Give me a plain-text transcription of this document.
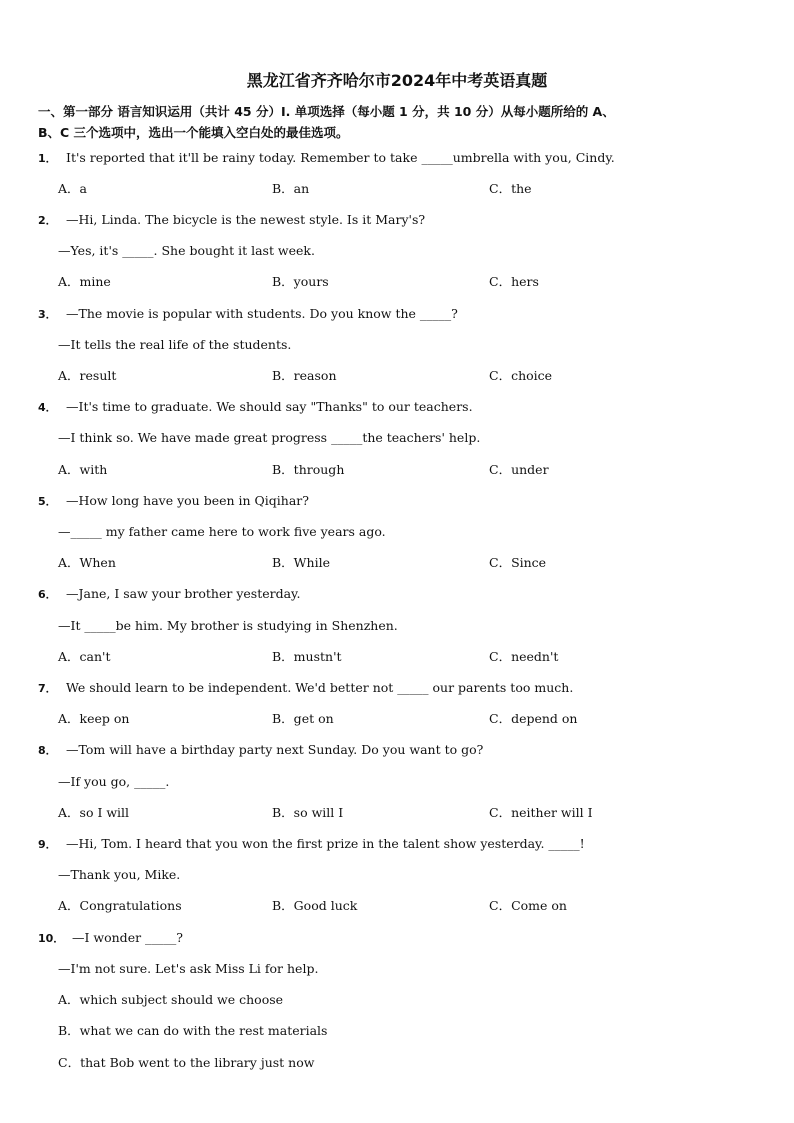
黑龙江省齐齐哈尔市2024年中考英语真题
一、第一部分 语言知识运用（共计 45 分）Ⅰ. 单项选择（每小题 1 分，共 10 分）从每小题所给的 A、
B、C 三个选项中，选出一个能填入空白处的最佳选项。
1． It's reported that it'll be rainy today. Remember to take _____umbrella with you, Cindy.
A．a	B．an	C．the
2． —Hi, Linda. The bicycle is the newest style. Is it Mary's?
—Yes, it's _____. She bought it last week.
A．mine	B．yours	C．hers
3． —The movie is popular with students. Do you know the _____?
—It tells the real life of the students.
A．result	B．reason	C．choice
4． —It's time to graduate. We should say "Thanks" to our teachers.
—I think so. We have made great progress _____the teachers' help.
A．with	B．through	C．under
5． —How long have you been in Qiqihar?
—_____ my father came here to work five years ago.
A．When	B．While	C．Since
6． —Jane, I saw your brother yesterday.
—It _____be him. My brother is studying in Shenzhen.
A．can't	B．mustn't	C．needn't
7． We should learn to be independent. We'd better not _____ our parents too much.
A．keep on	B．get on	C．depend on
8． —Tom will have a birthday party next Sunday. Do you want to go?
—If you go, _____.
A．so I will	B．so will I	C．neither will I
9． —Hi, Tom. I heard that you won the first prize in the talent show yesterday. _____!
—Thank you, Mike.
A．Congratulations	B．Good luck	C．Come on
10． —I wonder _____?
—I'm not sure. Let's ask Miss Li for help.
A．which subject should we choose
B．what we can do with the rest materials
C．that Bob went to the library just now
